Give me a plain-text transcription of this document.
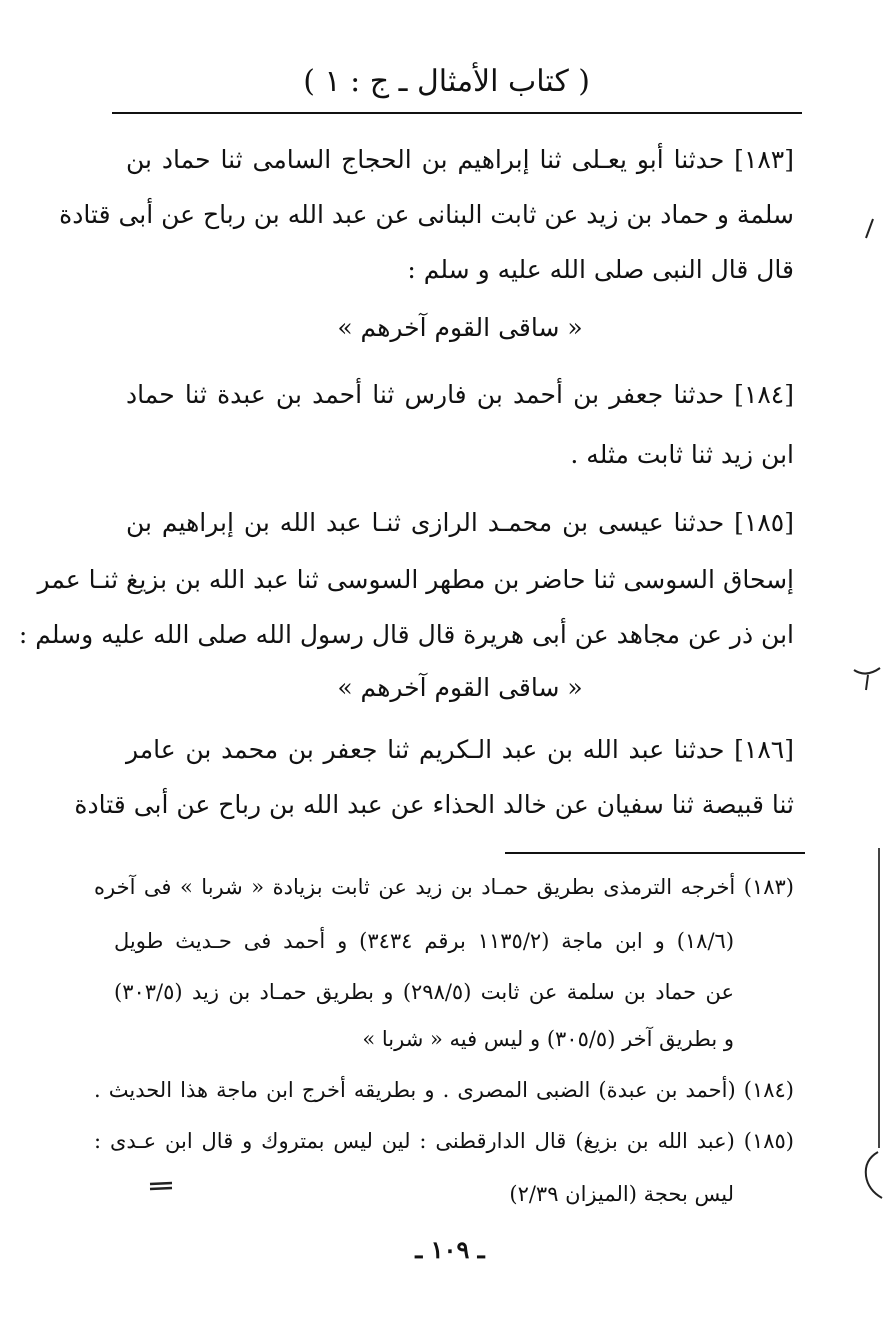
( كتاب الأمثال ـ ج : ١ )
[١٨٣] حدثنا أبو يعـلى ثنا إبراهيم بن الحجاج السامى ثنا حماد بن
سلمة و حماد بن زيد عن ثابت البنانى عن عبد الله بن رباح عن أبى قتادة
قال قال النبى صلى الله عليه و سلم :
« ساقى القوم آخرهم »
[١٨٤] حدثنا جعفر بن أحمد بن فارس ثنا أحمد بن عبدة ثنا حماد
ابن زيد ثنا ثابت مثله .
[١٨٥] حدثنا عيسى بن محمـد الرازى ثنـا عبد الله بن إبراهيم بن
إسحاق السوسى ثنا حاضر بن مطهر السوسى ثنا عبد الله بن بزيغ ثنـا عمر
ابن ذر عن مجاهد عن أبى هريرة قال قال رسول الله صلى الله عليه وسلم :
« ساقى القوم آخرهم »
[١٨٦] حدثنا عبد الله بن عبد الـكريم ثنا جعفر بن محمد بن عامر
ثنا قبيصة ثنا سفيان عن خالد الحذاء عن عبد الله بن رباح عن أبى قتادة
(١٨٣) أخرجه الترمذى بطريق حمـاد بن زيد عن ثابت بزيادة « شربا » فى آخره
(١٨/٦) و ابن ماجة (١١٣٥/٢ برقم ٣٤٣٤) و أحمد فى حـديث طويل
عن حماد بن سلمة عن ثابت (٢٩٨/٥) و بطريق حمـاد بن زيد (٣٠٣/٥)
و بطريق آخر (٣٠٥/٥) و ليس فيه « شربا »
(١٨٤) (أحمد بن عبدة) الضبى المصرى . و بطريقه أخرج ابن ماجة هذا الحديث .
(١٨٥) (عبد الله بن بزيغ) قال الدارقطنى : لين ليس بمتروك و قال ابن عـدى :
ليس بحجة (الميزان ٢/٣٩)
ـ ١٠٩ ـ
